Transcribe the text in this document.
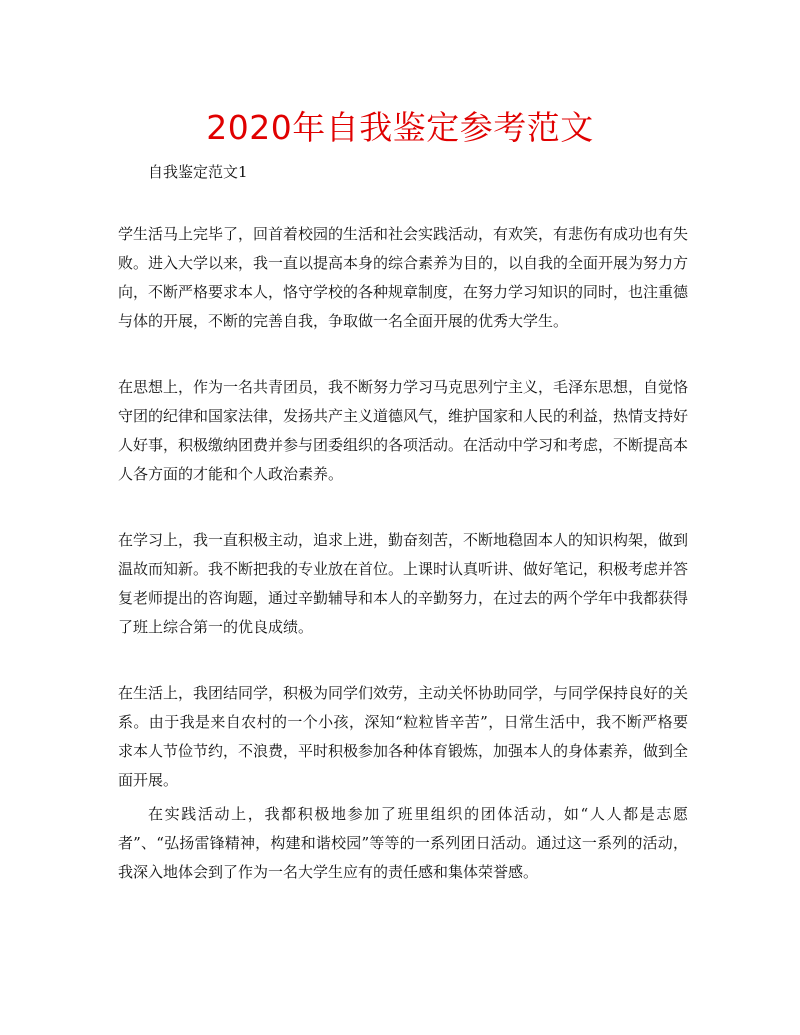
2020年自我鉴定参考范文
自我鉴定范文1

学生活马上完毕了，回首着校园的生活和社会实践活动，有欢笑，有悲伤有成功也有失败。进入大学以来，我一直以提高本身的综合素养为目的，以自我的全面开展为努力方向，不断严格要求本人，恪守学校的各种规章制度，在努力学习知识的同时，也注重德与体的开展，不断的完善自我，争取做一名全面开展的优秀大学生。

在思想上，作为一名共青团员，我不断努力学习马克思列宁主义，毛泽东思想，自觉恪守团的纪律和国家法律，发扬共产主义道德风气，维护国家和人民的利益，热情支持好人好事，积极缴纳团费并参与团委组织的各项活动。在活动中学习和考虑，不断提高本人各方面的才能和个人政治素养。

在学习上，我一直积极主动，追求上进，勤奋刻苦，不断地稳固本人的知识构架，做到温故而知新。我不断把我的专业放在首位。上课时认真听讲、做好笔记，积极考虑并答复老师提出的咨询题，通过辛勤辅导和本人的辛勤努力，在过去的两个学年中我都获得了班上综合第一的优良成绩。

在生活上，我团结同学，积极为同学们效劳，主动关怀协助同学，与同学保持良好的关系。由于我是来自农村的一个小孩，深知“粒粒皆辛苦”，日常生活中，我不断严格要求本人节俭节约，不浪费，平时积极参加各种体育锻炼，加强本人的身体素养，做到全面开展。

在实践活动上，我都积极地参加了班里组织的团体活动，如“人人都是志愿者”、“弘扬雷锋精神，构建和谐校园”等等的一系列团日活动。通过这一系列的活动，我深入地体会到了作为一名大学生应有的责任感和集体荣誉感。
